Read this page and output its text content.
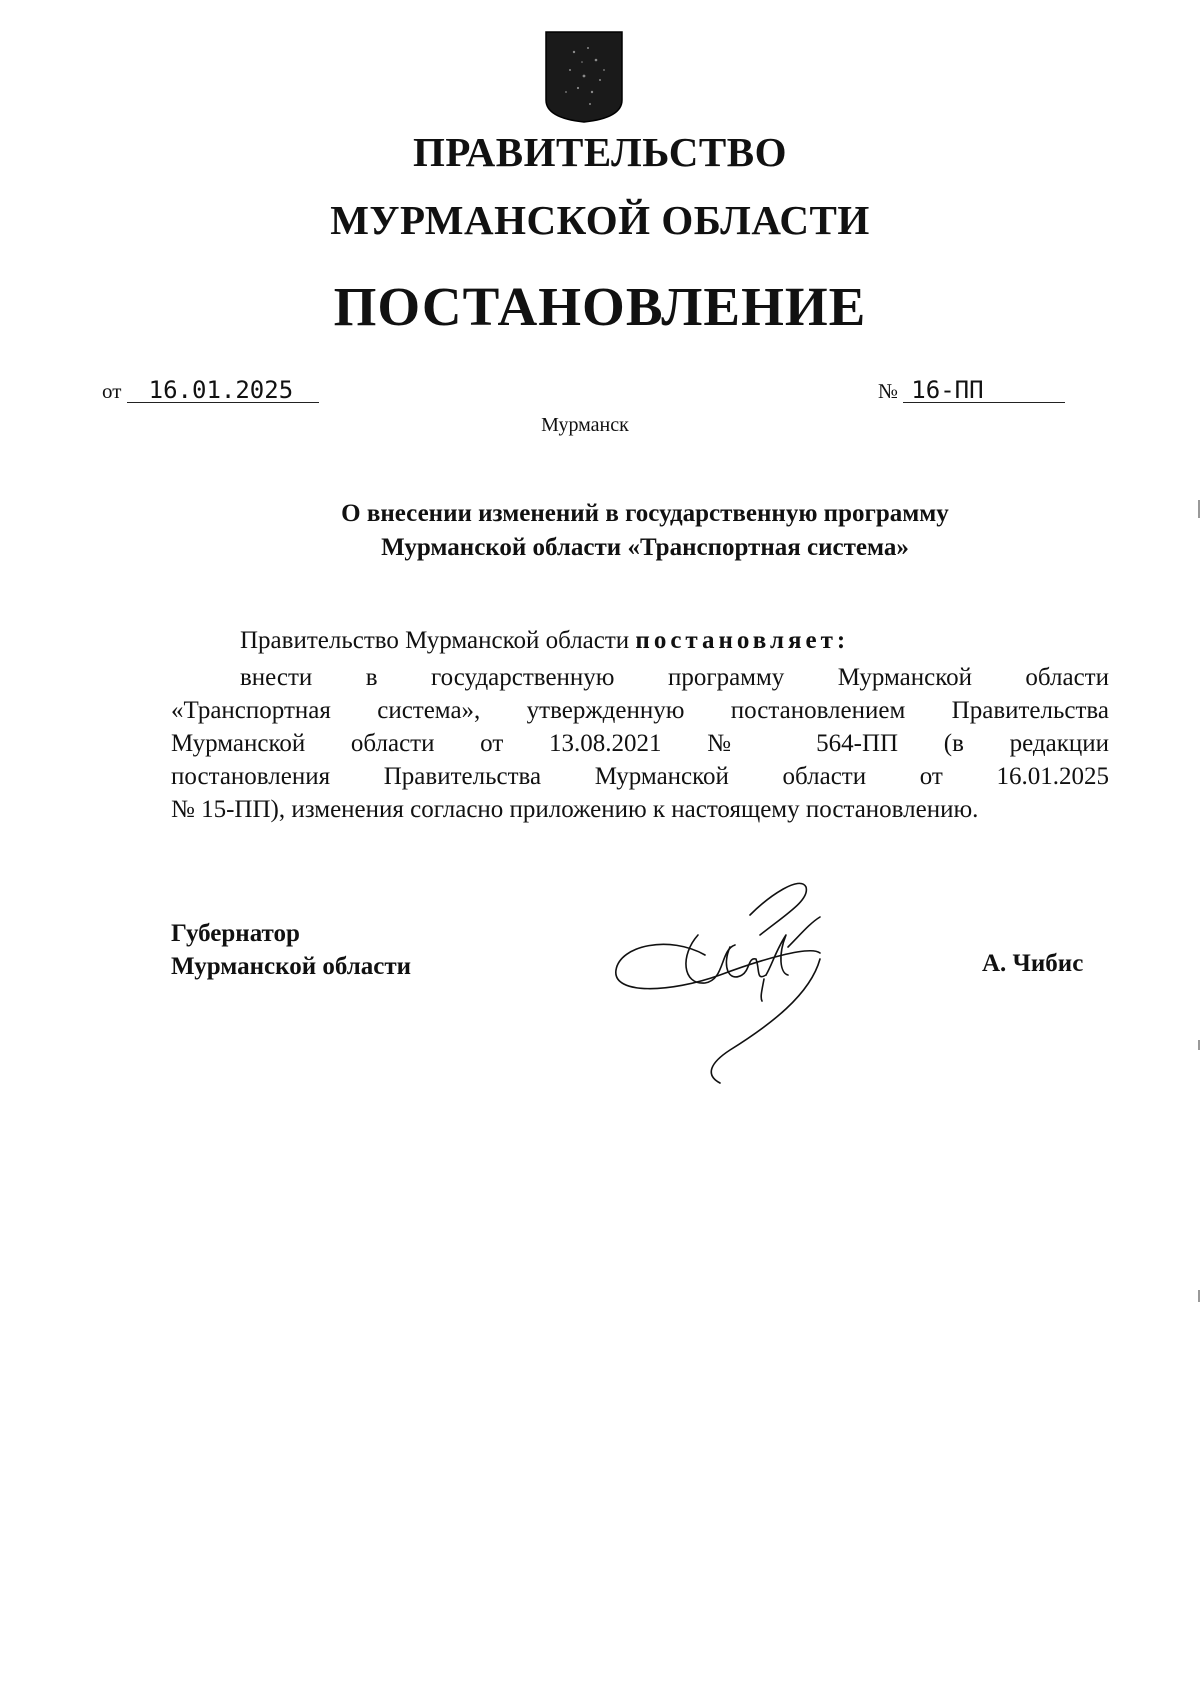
ПРАВИТЕЛЬСТВО
МУРМАНСКОЙ ОБЛАСТИ
ПОСТАНОВЛЕНИЕ
от 16.01.2025	№ 16-ПП
Мурманск
О внесении изменений в государственную программу
Мурманской области «Транспортная система»
Правительство Мурманской области постановляет:
внести в государственную программу Мурманской области
«Транспортная система», утвержденную постановлением Правительства
Мурманской области от 13.08.2021 № 564-ПП (в редакции
постановления Правительства Мурманской области от 16.01.2025
№ 15-ПП), изменения согласно приложению к настоящему постановлению.
Губернатор
Мурманской области	А. Чибис
